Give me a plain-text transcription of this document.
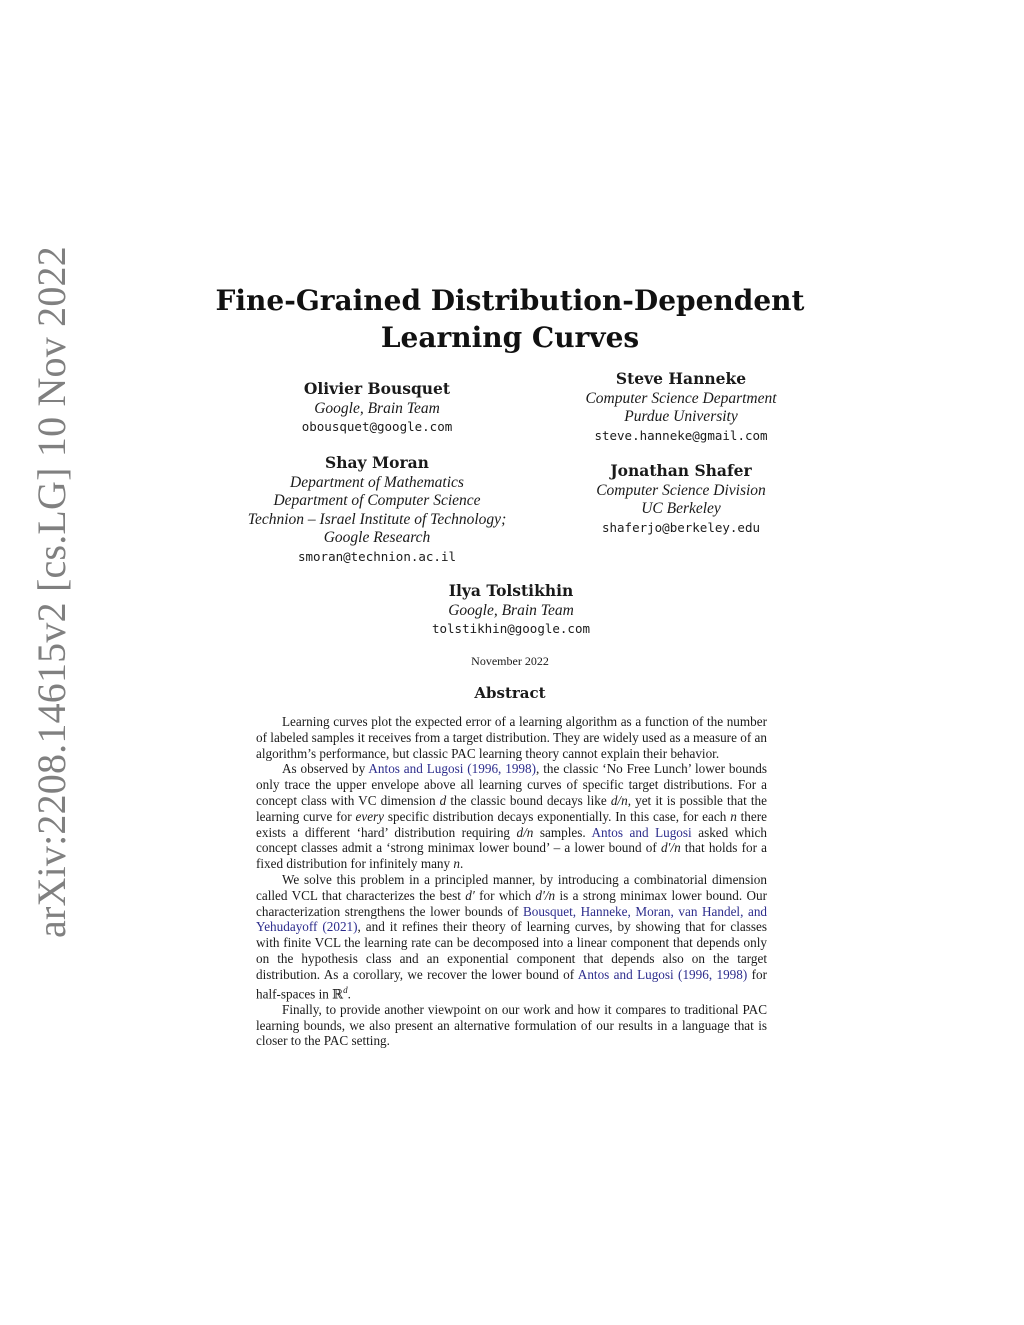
arXiv:2208.14615v2 [cs.LG] 10 Nov 2022	Fine-Grained Distribution-Dependent
Learning Curves
Olivier Bousquet
Google, Brain Team
obousquet@google.com
Steve Hanneke
Computer Science Department
Purdue University
steve.hanneke@gmail.com
Shay Moran
Department of Mathematics
Department of Computer Science
Technion – Israel Institute of Technology;
Google Research
smoran@technion.ac.il
Jonathan Shafer
Computer Science Division
UC Berkeley
shaferjo@berkeley.edu
Ilya Tolstikhin
Google, Brain Team
tolstikhin@google.com
November 2022
Abstract

Learning curves plot the expected error of a learning algorithm as a function of the number of labeled samples it receives from a target distribution. They are widely used as a measure of an algorithm’s performance, but classic PAC learning theory cannot explain their behavior.

As observed by Antos and Lugosi (1996, 1998), the classic ‘No Free Lunch’ lower bounds only trace the upper envelope above all learning curves of specific target distributions. For a concept class with VC dimension d the classic bound decays like d/n, yet it is possible that the learning curve for every specific distribution decays exponentially. In this case, for each n there exists a different ‘hard’ distribution requiring d/n samples. Antos and Lugosi asked which concept classes admit a ‘strong minimax lower bound’ – a lower bound of d′/n that holds for a fixed distribution for infinitely many n.

We solve this problem in a principled manner, by introducing a combinatorial dimension called VCL that characterizes the best d′ for which d′/n is a strong minimax lower bound. Our characterization strengthens the lower bounds of Bousquet, Hanneke, Moran, van Handel, and Yehudayoff (2021), and it refines their theory of learning curves, by showing that for classes with finite VCL the learning rate can be decomposed into a linear component that depends only on the hypothesis class and an exponential component that depends also on the target distribution. As a corollary, we recover the lower bound of Antos and Lugosi (1996, 1998) for half-spaces in ℝ$^d$.

Finally, to provide another viewpoint on our work and how it compares to traditional PAC learning bounds, we also present an alternative formulation of our results in a language that is closer to the PAC setting.
